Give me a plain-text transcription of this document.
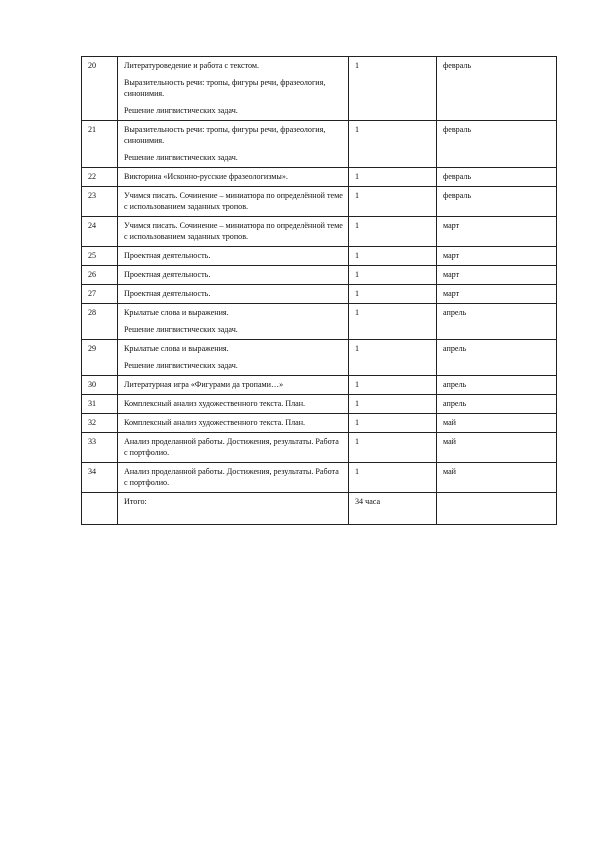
20	Литературоведение и работа с текстом.

Выразительность речи: тропы, фигуры речи, фразеология, синонимия.

Решение лингвистических задач.	1	февраль
21	Выразительность речи: тропы, фигуры речи, фразеология, синонимия.

Решение лингвистических задач.	1	февраль
22	Викторина «Исконно-русские фразеологизмы».	1	февраль
23	Учимся писать. Сочинение – миниатюра по определённой теме с использованием заданных тропов.	1	февраль
24	Учимся писать. Сочинение – миниатюра по определённой теме с использованием заданных тропов.	1	март
25	Проектная деятельность.	1	март
26	Проектная деятельность.	1	март
27	Проектная деятельность.	1	март
28	Крылатые слова и выражения.

Решение лингвистических задач.	1	апрель
29	Крылатые слова и выражения.

Решение лингвистических задач.	1	апрель
30	Литературная игра «Фигурами да тропами…»	1	апрель
31	Комплексный анализ художественного текста. План.	1	апрель
32	Комплексный анализ художественного текста. План.	1	май
33	Анализ проделанной работы. Достижения, результаты. Работа с портфолио.	1	май
34	Анализ проделанной работы. Достижения, результаты. Работа с портфолио.	1	май
	Итого:	34 часа	
